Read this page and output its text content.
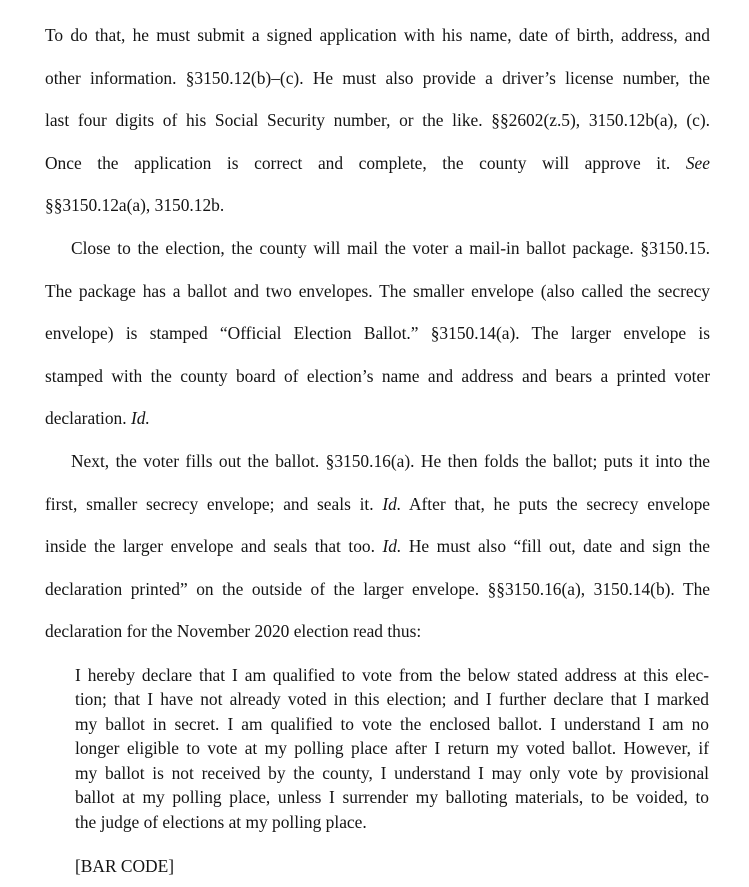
To do that, he must submit a signed application with his name, date of birth, address, and
other information. §3150.12(b)–(c). He must also provide a driver’s license number, the
last four digits of his Social Security number, or the like. §§2602(z.5), 3150.12b(a), (c).
Once the application is correct and complete, the county will approve it. See
§§3150.12a(a), 3150.12b.

Close to the election, the county will mail the voter a mail-in ballot package. §3150.15.
The package has a ballot and two envelopes. The smaller envelope (also called the secrecy
envelope) is stamped “Official Election Ballot.” §3150.14(a). The larger envelope is
stamped with the county board of election’s name and address and bears a printed voter
declaration. Id.

Next, the voter fills out the ballot. §3150.16(a). He then folds the ballot; puts it into the
first, smaller secrecy envelope; and seals it. Id. After that, he puts the secrecy envelope
inside the larger envelope and seals that too. Id. He must also “fill out, date and sign the
declaration printed” on the outside of the larger envelope. §§3150.16(a), 3150.14(b). The
declaration for the November 2020 election read thus:

I hereby declare that I am qualified to vote from the below stated address at this elec-
tion; that I have not already voted in this election; and I further declare that I marked
my ballot in secret. I am qualified to vote the enclosed ballot. I understand I am no
longer eligible to vote at my polling place after I return my voted ballot. However, if
my ballot is not received by the county, I understand I may only vote by provisional
ballot at my polling place, unless I surrender my balloting materials, to be voided, to
the judge of elections at my polling place.

[BAR CODE]
